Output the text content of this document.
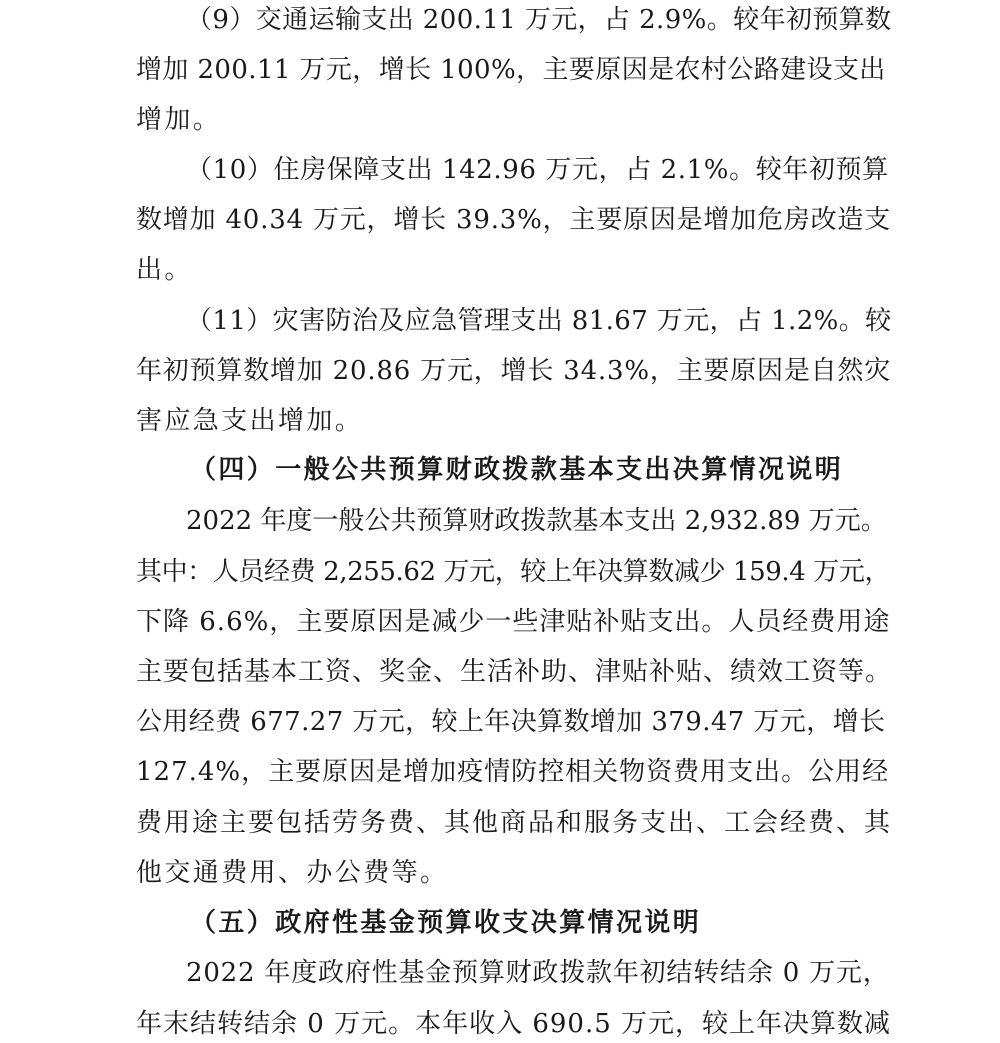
（9）交通运输支出 200.11 万元，占 2.9%。较年初预算数
增加 200.11 万元，增长 100%，主要原因是农村公路建设支出
增加。
（10）住房保障支出 142.96 万元，占 2.1%。较年初预算
数增加 40.34 万元，增长 39.3%，主要原因是增加危房改造支
出。
（11）灾害防治及应急管理支出 81.67 万元，占 1.2%。较
年初预算数增加 20.86 万元，增长 34.3%，主要原因是自然灾
害应急支出增加。
（四）一般公共预算财政拨款基本支出决算情况说明
2022 年度一般公共预算财政拨款基本支出 2,932.89 万元。
其中：人员经费 2,255.62 万元，较上年决算数减少 159.4 万元，
下降 6.6%，主要原因是减少一些津贴补贴支出。人员经费用途
主要包括基本工资、奖金、生活补助、津贴补贴、绩效工资等。
公用经费 677.27 万元，较上年决算数增加 379.47 万元，增长
127.4%，主要原因是增加疫情防控相关物资费用支出。公用经
费用途主要包括劳务费、其他商品和服务支出、工会经费、其
他交通费用、办公费等。
（五）政府性基金预算收支决算情况说明
2022 年度政府性基金预算财政拨款年初结转结余 0 万元，
年末结转结余 0 万元。本年收入 690.5 万元，较上年决算数减
